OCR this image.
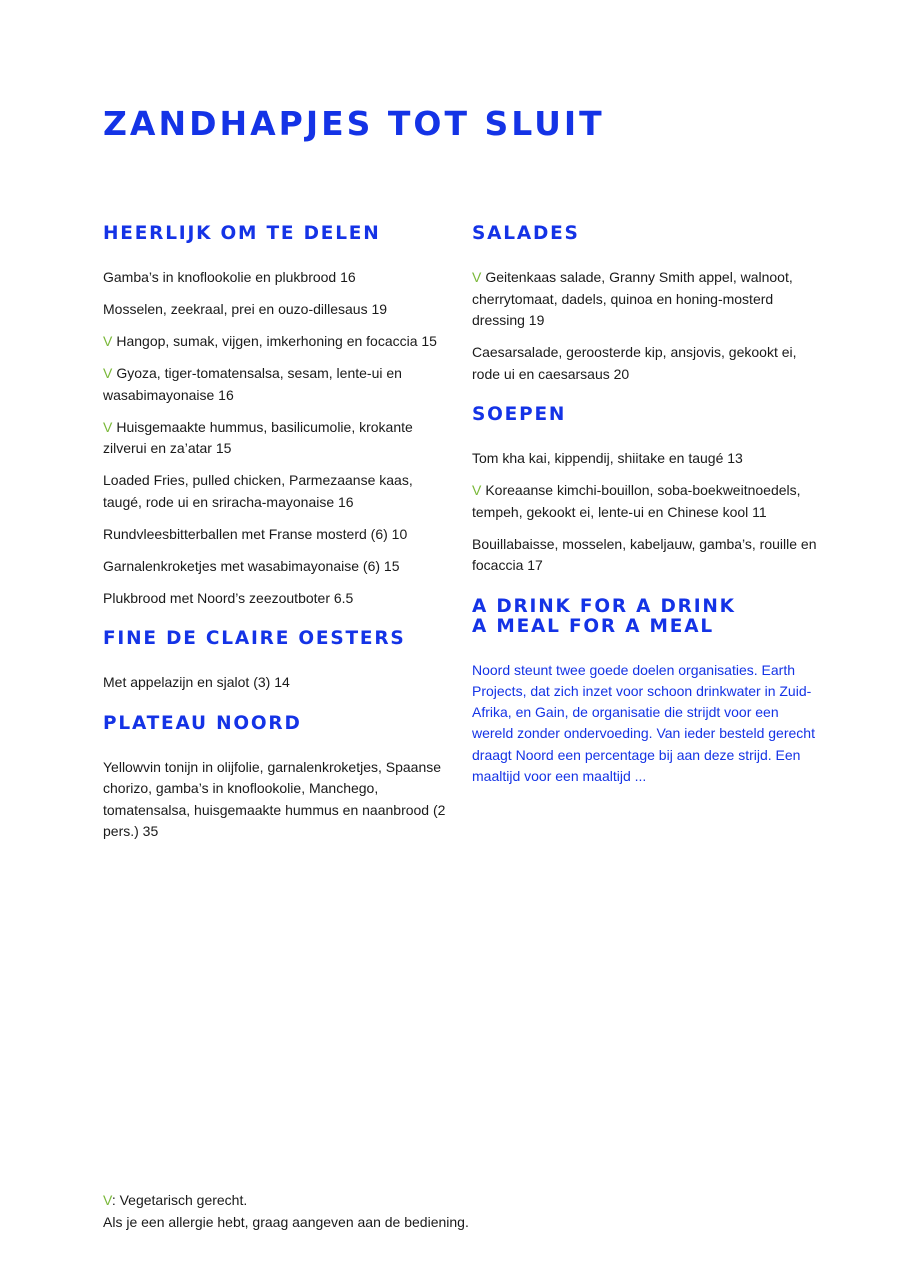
ZANDHAPJES TOT SLUIT
HEERLIJK OM TE DELEN
Gamba’s in knoflookolie en plukbrood 16
Mosselen, zeekraal, prei en ouzo-dillesaus 19
V Hangop, sumak, vijgen, imkerhoning en focaccia 15
V Gyoza, tiger-tomatensalsa, sesam, lente-ui en wasabimayonaise 16
V Huisgemaakte hummus, basilicumolie, krokante zilverui en za’atar 15
Loaded Fries, pulled chicken, Parmezaanse kaas, taugé, rode ui en sriracha-mayonaise 16
Rundvleesbitterballen met Franse mosterd (6) 10
Garnalenkroketjes met wasabimayonaise (6) 15
Plukbrood met Noord’s zeezoutboter 6.5
FINE DE CLAIRE OESTERS
Met appelazijn en sjalot (3) 14
PLATEAU NOORD
Yellowvin tonijn in olijfolie, garnalenkroketjes, Spaanse chorizo, gamba’s in knoflookolie, Manchego, tomatensalsa, huisgemaakte hummus en naanbrood (2 pers.) 35
SALADES
V Geitenkaas salade, Granny Smith appel, walnoot, cherrytomaat, dadels, quinoa en honing-mosterd dressing 19
Caesarsalade, geroosterde kip, ansjovis, gekookt ei, rode ui en caesarsaus 20
SOEPEN
Tom kha kai, kippendij, shiitake en taugé 13
V Koreaanse kimchi-bouillon, soba-boekweitnoedels, tempeh, gekookt ei, lente-ui en Chinese kool 11
Bouillabaisse, mosselen, kabeljauw, gamba’s, rouille en focaccia 17
A DRINK FOR A DRINK
A MEAL FOR A MEAL

Noord steunt twee goede doelen organisaties. Earth Projects, dat zich inzet voor schoon drinkwater in Zuid-Afrika, en Gain, de organisatie die strijdt voor een wereld zonder ondervoeding. Van ieder besteld gerecht draagt Noord een percentage bij aan deze strijd. Een maaltijd voor een maaltijd ...

V: Vegetarisch gerecht.
Als je een allergie hebt, graag aangeven aan de bediening.
